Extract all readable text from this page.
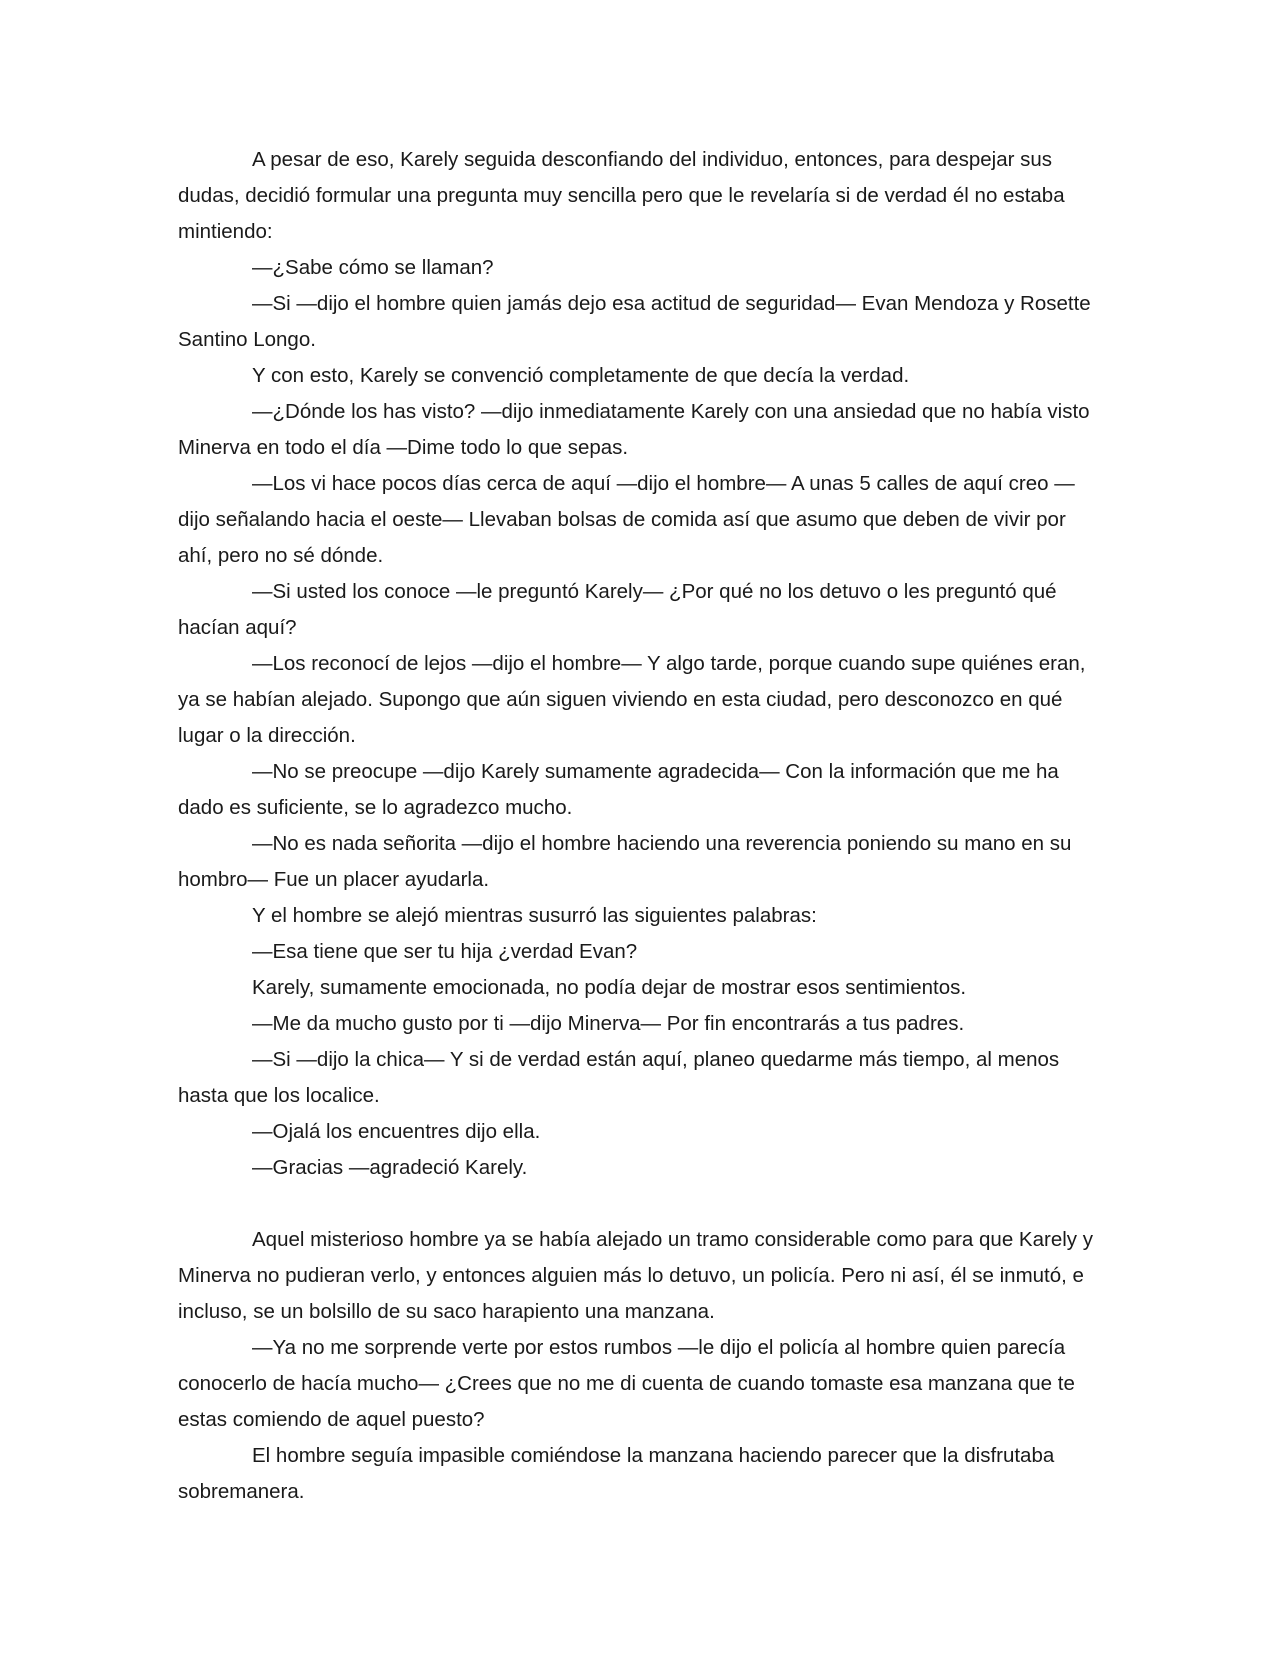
A pesar de eso, Karely seguida desconfiando del individuo, entonces, para despejar sus dudas, decidió formular una pregunta muy sencilla pero que le revelaría si de verdad él no estaba mintiendo:

—¿Sabe cómo se llaman?

—Si —dijo el hombre quien jamás dejo esa actitud de seguridad— Evan Mendoza y Rosette Santino Longo.

Y con esto, Karely se convenció completamente de que decía la verdad.

—¿Dónde los has visto? —dijo inmediatamente Karely con una ansiedad que no había visto Minerva en todo el día —Dime todo lo que sepas.

—Los vi hace pocos días cerca de aquí —dijo el hombre— A unas 5 calles de aquí creo —dijo señalando hacia el oeste— Llevaban bolsas de comida así que asumo que deben de vivir por ahí, pero no sé dónde.

—Si usted los conoce —le preguntó Karely— ¿Por qué no los detuvo o les preguntó qué hacían aquí?

—Los reconocí de lejos —dijo el hombre— Y algo tarde, porque cuando supe quiénes eran, ya se habían alejado. Supongo que aún siguen viviendo en esta ciudad, pero desconozco en qué lugar o la dirección.

—No se preocupe —dijo Karely sumamente agradecida— Con la información que me ha dado es suficiente, se lo agradezco mucho.

—No es nada señorita —dijo el hombre haciendo una reverencia poniendo su mano en su hombro— Fue un placer ayudarla.

Y el hombre se alejó mientras susurró las siguientes palabras:

—Esa tiene que ser tu hija ¿verdad Evan?

Karely, sumamente emocionada, no podía dejar de mostrar esos sentimientos.

—Me da mucho gusto por ti —dijo Minerva— Por fin encontrarás a tus padres.

—Si —dijo la chica— Y si de verdad están aquí, planeo quedarme más tiempo, al menos hasta que los localice.

—Ojalá los encuentres dijo ella.

—Gracias —agradeció Karely.

Aquel misterioso hombre ya se había alejado un tramo considerable como para que Karely y Minerva no pudieran verlo, y entonces alguien más lo detuvo, un policía. Pero ni así, él se inmutó, e incluso, se un bolsillo de su saco harapiento una manzana.

—Ya no me sorprende verte por estos rumbos —le dijo el policía al hombre quien parecía conocerlo de hacía mucho— ¿Crees que no me di cuenta de cuando tomaste esa manzana que te estas comiendo de aquel puesto?

El hombre seguía impasible comiéndose la manzana haciendo parecer que la disfrutaba sobremanera.
